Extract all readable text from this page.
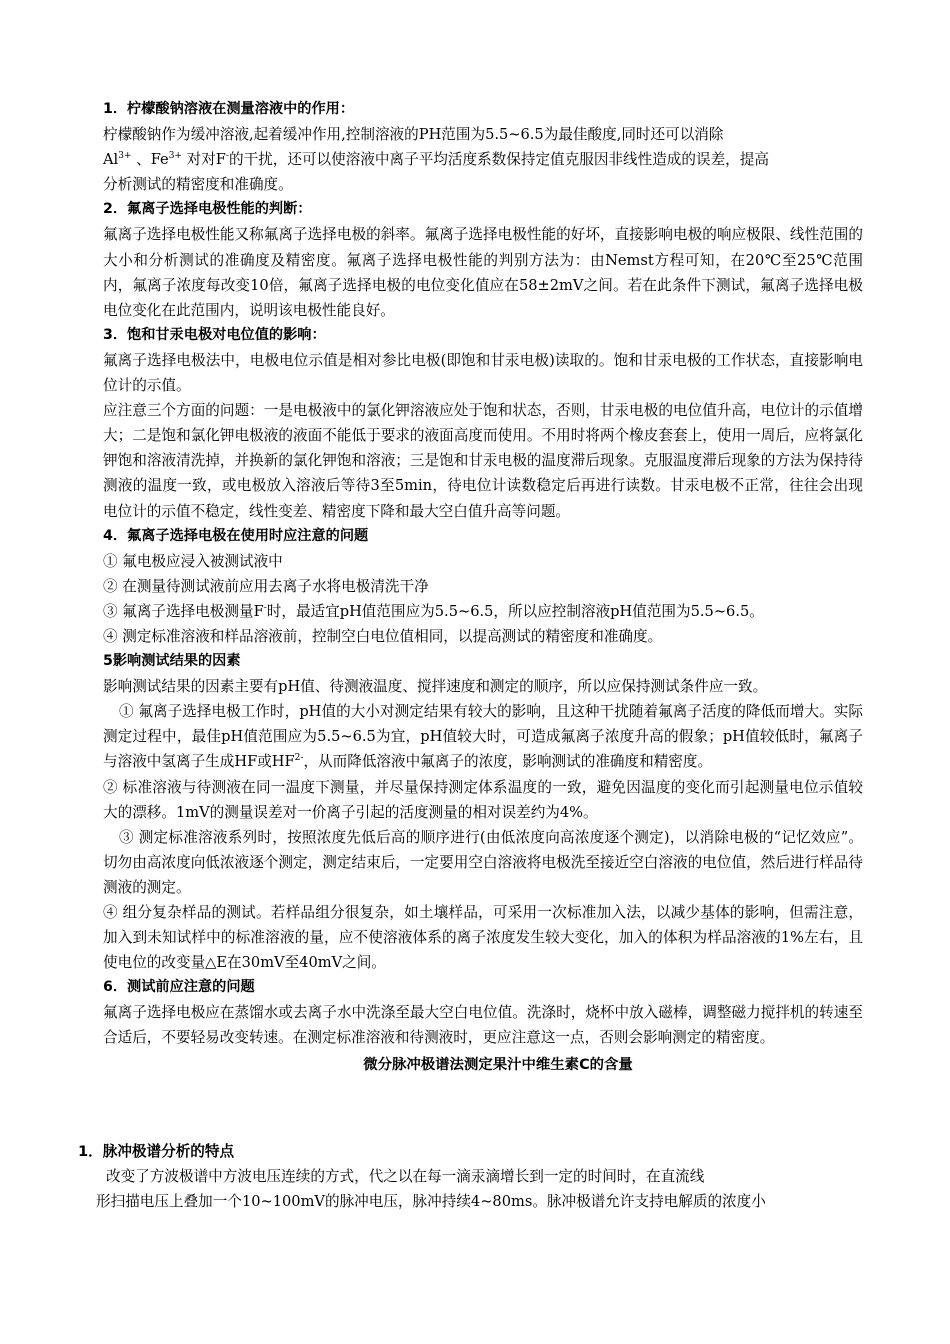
1．柠檬酸钠溶液在测量溶液中的作用：

柠檬酸钠作为缓冲溶液,起着缓冲作用,控制溶液的PH范围为5.5~6.5为最佳酸度,同时还可以消除

$Al^{3+}$ 、$Fe^{3+}$ 对对F-的干扰，还可以使溶液中离子平均活度系数保持定值克服因非线性造成的误差，提高

分析测试的精密度和准确度。

2．氟离子选择电极性能的判断：

氟离子选择电极性能又称氟离子选择电极的斜率。氟离子选择电极性能的好坏，直接影响电极的响应极限、线性范围的大小和分析测试的准确度及精密度。氟离子选择电极性能的判别方法为：由Nemst方程可知，在20℃至25℃范围内，氟离子浓度每改变10倍，氟离子选择电极的电位变化值应在58±2mV之间。若在此条件下测试，氟离子选择电极电位变化在此范围内，说明该电极性能良好。

3．饱和甘汞电极对电位值的影响：

氟离子选择电极法中，电极电位示值是相对参比电极(即饱和甘汞电极)读取的。饱和甘汞电极的工作状态，直接影响电位计的示值。

应注意三个方面的问题：一是电极液中的氯化钾溶液应处于饱和状态，否则，甘汞电极的电位值升高，电位计的示值增大；二是饱和氯化钾电极液的液面不能低于要求的液面高度而使用。不用时将两个橡皮套套上，使用一周后，应将氯化钾饱和溶液清洗掉，并换新的氯化钾饱和溶液；三是饱和甘汞电极的温度滞后现象。克服温度滞后现象的方法为保持待测液的温度一致，或电极放入溶液后等待3至5min，待电位计读数稳定后再进行读数。甘汞电极不正常，往往会出现电位计的示值不稳定，线性变差、精密度下降和最大空白值升高等问题。

4．氟离子选择电极在使用时应注意的问题

① 氟电极应浸入被测试液中

② 在测量待测试液前应用去离子水将电极清洗干净

③ 氟离子选择电极测量F-时，最适宜pH值范围应为5.5~6.5，所以应控制溶液pH值范围为5.5~6.5。

④ 测定标准溶液和样品溶液前，控制空白电位值相同，以提高测试的精密度和准确度。

5影响测试结果的因素

影响测试结果的因素主要有pH值、待测液温度、搅拌速度和测定的顺序，所以应保持测试条件应一致。

① 氟离子选择电极工作时，pH值的大小对测定结果有较大的影响，且这种干扰随着氟离子活度的降低而增大。实际测定过程中，最佳pH值范围应为5.5~6.5为宜，pH值较大时，可造成氟离子浓度升高的假象；pH值较低时，氟离子与溶液中氢离子生成HF或$HF^{2-}$，从而降低溶液中氟离子的浓度，影响测试的准确度和精密度。

② 标准溶液与待测液在同一温度下测量，并尽量保持测定体系温度的一致，避免因温度的变化而引起测量电位示值较大的漂移。1mV的测量误差对一价离子引起的活度测量的相对误差约为4%。

③ 测定标准溶液系列时，按照浓度先低后高的顺序进行(由低浓度向高浓度逐个测定)，以消除电极的“记忆效应”。切勿由高浓度向低浓液逐个测定，测定结束后，一定要用空白溶液将电极洗至接近空白溶液的电位值，然后进行样品待测液的测定。

④ 组分复杂样品的测试。若样品组分很复杂，如土壤样品，可采用一次标准加入法，以减少基体的影响，但需注意，加入到未知试样中的标准溶液的量，应不使溶液体系的离子浓度发生较大变化，加入的体积为样品溶液的1%左右，且使电位的改变量△E在30mV至40mV之间。

6．测试前应注意的问题

氟离子选择电极应在蒸馏水或去离子水中洗涤至最大空白电位值。洗涤时，烧杯中放入磁棒，调整磁力搅拌机的转速至合适后，不要轻易改变转速。在测定标准溶液和待测液时，更应注意这一点，否则会影响测定的精密度。

微分脉冲极谱法测定果汁中维生素C的含量

1．脉冲极谱分析的特点

改变了方波极谱中方波电压连续的方式，代之以在每一滴汞滴增长到一定的时间时，在直流线

形扫描电压上叠加一个10~100mV的脉冲电压，脉冲持续4~80ms。脉冲极谱允许支持电解质的浓度小
